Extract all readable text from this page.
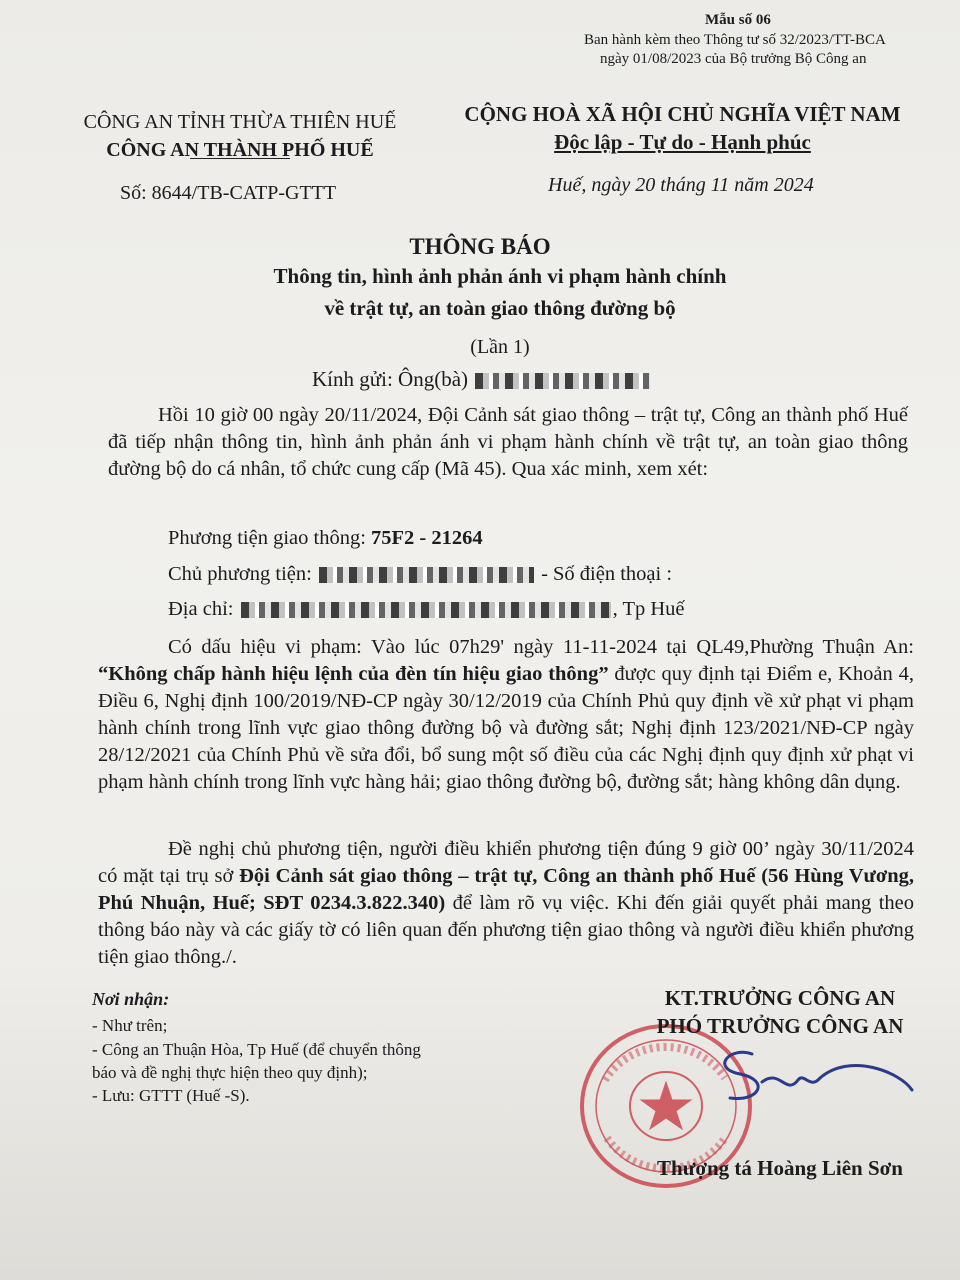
Mẫu số 06
Ban hành kèm theo Thông tư số 32/2023/TT-BCA
ngày 01/08/2023 của Bộ trưởng Bộ Công an
CÔNG AN TỈNH THỪA THIÊN HUẾ
CÔNG AN THÀNH PHỐ HUẾ
CỘNG HOÀ XÃ HỘI CHỦ NGHĨA VIỆT NAM
Độc lập - Tự do - Hạnh phúc
Số: 8644/TB-CATP-GTTT	Huế, ngày 20 tháng 11 năm 2024
THÔNG BÁO
Thông tin, hình ảnh phản ánh vi phạm hành chính
về trật tự, an toàn giao thông đường bộ
(Lần 1)
Kính gửi: Ông(bà)
Hồi 10 giờ 00 ngày 20/11/2024, Đội Cảnh sát giao thông – trật tự, Công an thành phố Huế đã tiếp nhận thông tin, hình ảnh phản ánh vi phạm hành chính về trật tự, an toàn giao thông đường bộ do cá nhân, tổ chức cung cấp (Mã 45). Qua xác minh, xem xét:
Phương tiện giao thông: 75F2 - 21264
Chủ phương tiện:	- Số điện thoại :
Địa chỉ:	, Tp Huế
Có dấu hiệu vi phạm: Vào lúc 07h29' ngày 11-11-2024 tại QL49,Phường Thuận An: “Không chấp hành hiệu lệnh của đèn tín hiệu giao thông” được quy định tại Điểm e, Khoản 4, Điều 6, Nghị định 100/2019/NĐ-CP ngày 30/12/2019 của Chính Phủ quy định về xử phạt vi phạm hành chính trong lĩnh vực giao thông đường bộ và đường sắt; Nghị định 123/2021/NĐ-CP ngày 28/12/2021 của Chính Phủ về sửa đổi, bổ sung một số điều của các Nghị định quy định xử phạt vi phạm hành chính trong lĩnh vực hàng hải; giao thông đường bộ, đường sắt; hàng không dân dụng.
Đề nghị chủ phương tiện, người điều khiển phương tiện đúng 9 giờ 00’ ngày 30/11/2024 có mặt tại trụ sở Đội Cảnh sát giao thông – trật tự, Công an thành phố Huế (56 Hùng Vương, Phú Nhuận, Huế; SĐT 0234.3.822.340) để làm rõ vụ việc. Khi đến giải quyết phải mang theo thông báo này và các giấy tờ có liên quan đến phương tiện giao thông và người điều khiển phương tiện giao thông./.
Nơi nhận:
- Như trên;
- Công an Thuận Hòa, Tp Huế (để chuyển thông
báo và đề nghị thực hiện theo quy định);
- Lưu: GTTT (Huế -S).
KT.TRƯỞNG CÔNG AN
PHÓ TRƯỞNG CÔNG AN
Thượng tá Hoàng Liên Sơn
